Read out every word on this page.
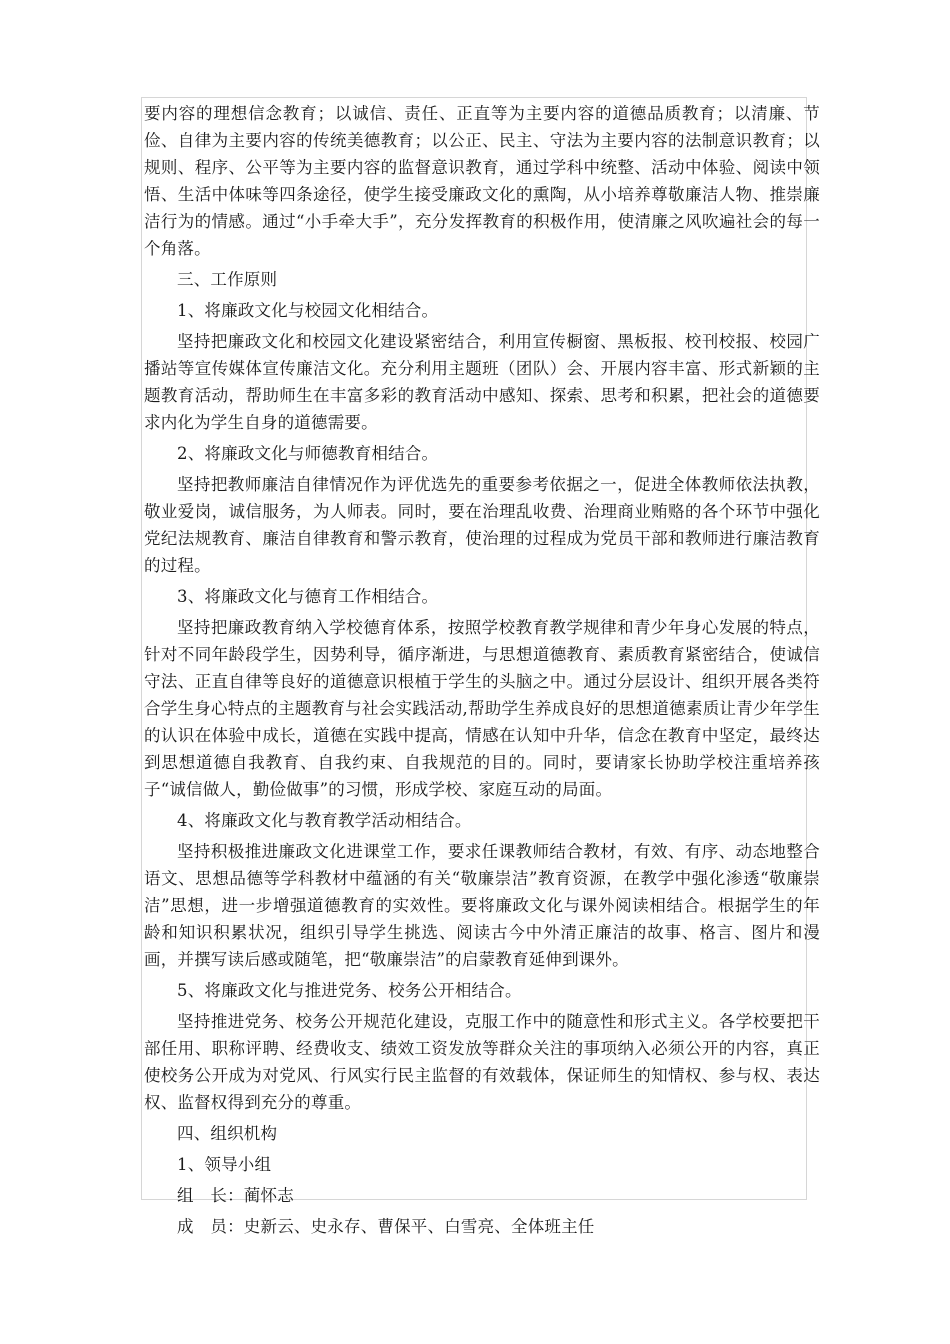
要内容的理想信念教育；以诚信、责任、正直等为主要内容的道德品质教育；以清廉、节俭、自律为主要内容的传统美德教育；以公正、民主、守法为主要内容的法制意识教育；以规则、程序、公平等为主要内容的监督意识教育，通过学科中统整、活动中体验、阅读中领悟、生活中体味等四条途径，使学生接受廉政文化的熏陶，从小培养尊敬廉洁人物、推崇廉洁行为的情感。通过“小手牵大手”，充分发挥教育的积极作用，使清廉之风吹遍社会的每一个角落。

三、工作原则

1、将廉政文化与校园文化相结合。

坚持把廉政文化和校园文化建设紧密结合，利用宣传橱窗、黑板报、校刊校报、校园广播站等宣传媒体宣传廉洁文化。充分利用主题班（团队）会、开展内容丰富、形式新颖的主题教育活动，帮助师生在丰富多彩的教育活动中感知、探索、思考和积累，把社会的道德要求内化为学生自身的道德需要。

2、将廉政文化与师德教育相结合。

坚持把教师廉洁自律情况作为评优选先的重要参考依据之一，促进全体教师依法执教，敬业爱岗，诚信服务，为人师表。同时，要在治理乱收费、治理商业贿赂的各个环节中强化党纪法规教育、廉洁自律教育和警示教育，使治理的过程成为党员干部和教师进行廉洁教育的过程。

3、将廉政文化与德育工作相结合。

坚持把廉政教育纳入学校德育体系，按照学校教育教学规律和青少年身心发展的特点，针对不同年龄段学生，因势利导，循序渐进，与思想道德教育、素质教育紧密结合，使诚信守法、正直自律等良好的道德意识根植于学生的头脑之中。通过分层设计、组织开展各类符合学生身心特点的主题教育与社会实践活动,帮助学生养成良好的思想道德素质让青少年学生的认识在体验中成长，道德在实践中提高，情感在认知中升华，信念在教育中坚定，最终达到思想道德自我教育、自我约束、自我规范的目的。同时，要请家长协助学校注重培养孩子“诚信做人，勤俭做事”的习惯，形成学校、家庭互动的局面。

4、将廉政文化与教育教学活动相结合。

坚持积极推进廉政文化进课堂工作，要求任课教师结合教材，有效、有序、动态地整合语文、思想品德等学科教材中蕴涵的有关“敬廉崇洁”教育资源，在教学中强化渗透“敬廉崇洁”思想，进一步增强道德教育的实效性。要将廉政文化与课外阅读相结合。根据学生的年龄和知识积累状况，组织引导学生挑选、阅读古今中外清正廉洁的故事、格言、图片和漫画，并撰写读后感或随笔，把“敬廉崇洁”的启蒙教育延伸到课外。

5、将廉政文化与推进党务、校务公开相结合。

坚持推进党务、校务公开规范化建设，克服工作中的随意性和形式主义。各学校要把干部任用、职称评聘、经费收支、绩效工资发放等群众关注的事项纳入必须公开的内容，真正使校务公开成为对党风、行风实行民主监督的有效载体，保证师生的知情权、参与权、表达权、监督权得到充分的尊重。

四、组织机构

1、领导小组

组　长：蔺怀志

成　员：史新云、史永存、曹保平、白雪亮、全体班主任
